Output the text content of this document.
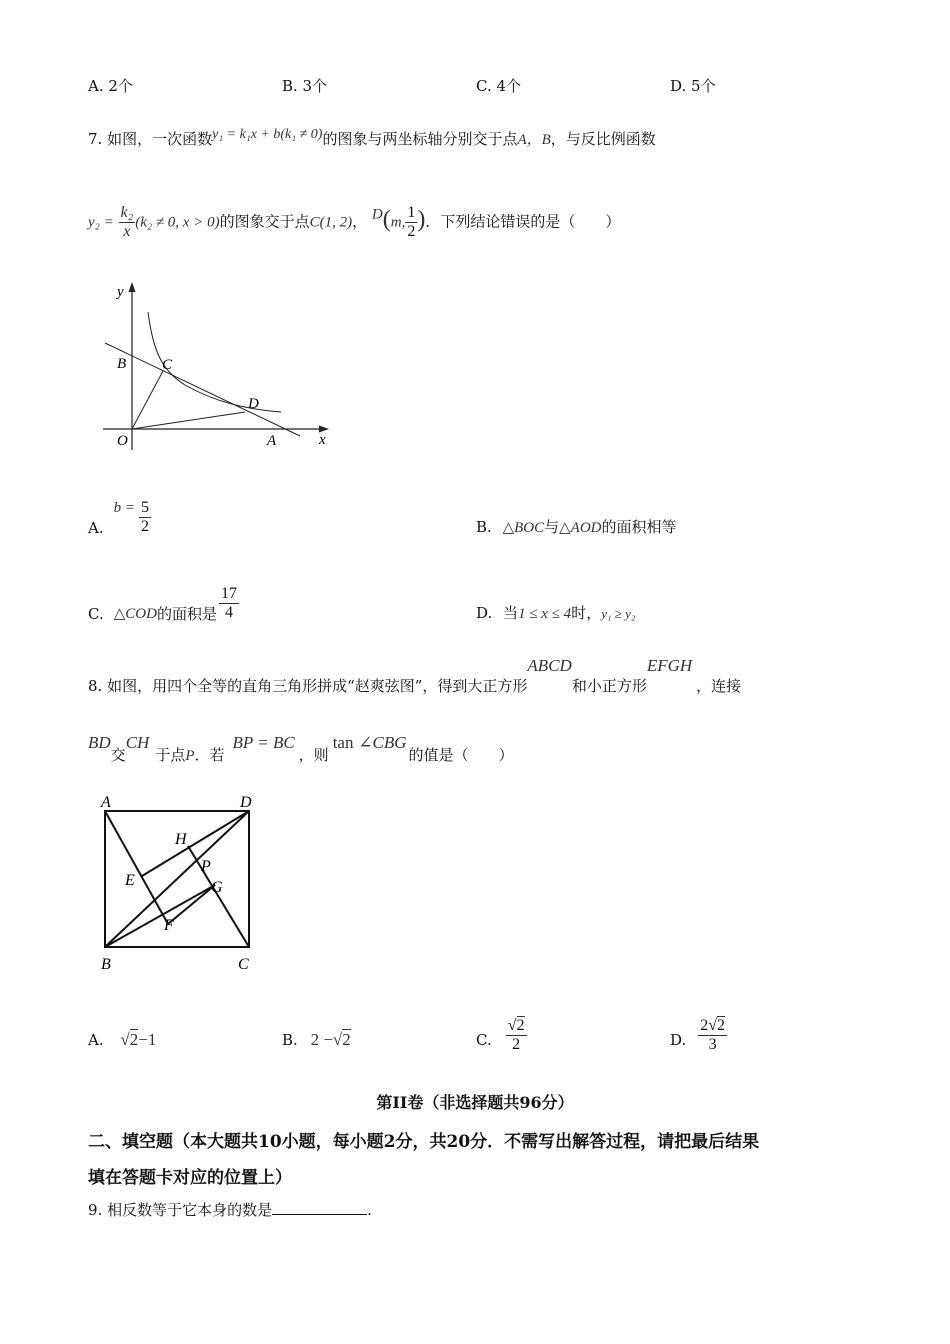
A. 2个	B. 3个	C. 4个	D. 5个
7. 如图，一次函数y₁ = k₁x + b(k₁ ≠ 0)的图象与两坐标轴分别交于点A，B，与反比例函数
$y_2 = \frac{\text{k₂}}{x} (k_2 \ne 0$, x > 0)的图象交于点C(1, 2)， D(m, $\frac{1}{2}$ )．下列结论错误的是（　　）
y
B C
D
O	A	x
A.
$b = \frac{5}{2}$	B. △BOC与△AOD的面积相等
C. △COD 的面积是 $\frac{17}{4}$	D. 当1 ≤ x ≤ 4时，y₁ ≥ y₂
8. 如图，用四个全等的直角三角形拼成“赵爽弦图”，得到大正方形ABCD和小正方形EFGH，连接
BD交CH于点P．若BP = BC，则tan ∠CBG的值是（　　）
A	D
H
P
E	G
F
B	C
A. √2−1	B. 2 −√2	C. $\frac{√2}{2}$	D. $\frac{2√2}{3}$
第II卷（非选择题共96分）
二、填空题（本大题共10小题，每小题2分，共20分．不需写出解答过程，请把最后结果
填在答题卡对应的位置上）
9. 相反数等于它本身的数是	.
